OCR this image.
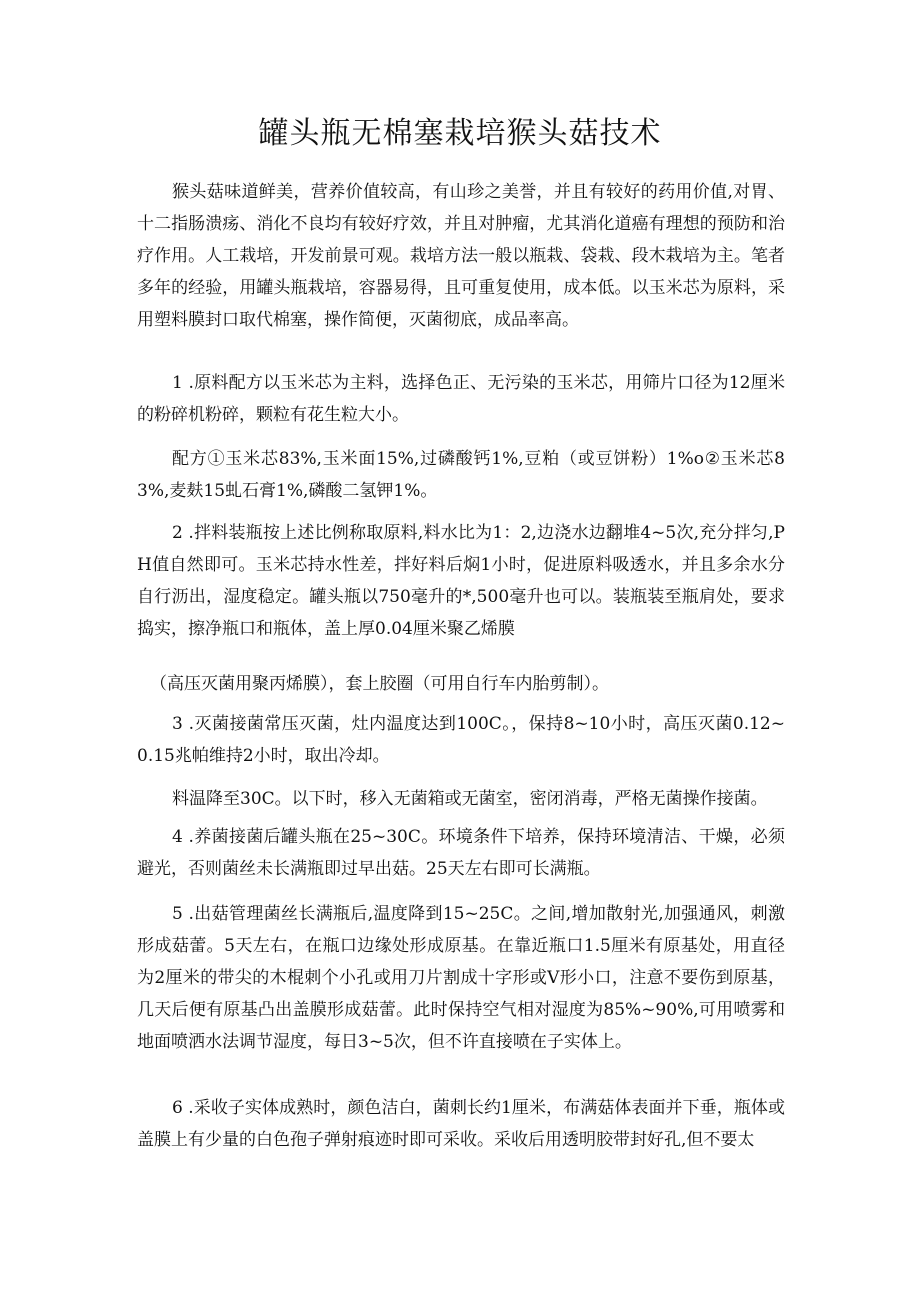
罐头瓶无棉塞栽培猴头菇技术

猴头菇味道鲜美，营养价值较高，有山珍之美誉，并且有较好的药用价值,对胃、十二指肠溃疡、消化不良均有较好疗效，并且对肿瘤，尤其消化道癌有理想的预防和治疗作用。人工栽培，开发前景可观。栽培方法一般以瓶栽、袋栽、段木栽培为主。笔者多年的经验，用罐头瓶栽培，容器易得，且可重复使用，成本低。以玉米芯为原料，采用塑料膜封口取代棉塞，操作简便，灭菌彻底，成品率高。

1 .原料配方以玉米芯为主料，选择色正、无污染的玉米芯，用筛片口径为12厘米的粉碎机粉碎，颗粒有花生粒大小。

配方①玉米芯83%,玉米面15%,过磷酸钙1%,豆粕（或豆饼粉）1%o②玉米芯83%,麦麸15虬石膏1%,磷酸二氢钾1%。

2 .拌料装瓶按上述比例称取原料,料水比为1：2,边浇水边翻堆4~5次,充分拌匀,PH值自然即可。玉米芯持水性差，拌好料后焖1小时，促进原料吸透水，并且多余水分自行沥出，湿度稳定。罐头瓶以750毫升的*,500毫升也可以。装瓶装至瓶肩处，要求捣实，擦净瓶口和瓶体，盖上厚0.04厘米聚乙烯膜

（高压灭菌用聚丙烯膜），套上胶圈（可用自行车内胎剪制）。

3 .灭菌接菌常压灭菌，灶内温度达到100C。，保持8~10小时，高压灭菌0.12~0.15兆帕维持2小时，取出冷却。

料温降至30C。以下时，移入无菌箱或无菌室，密闭消毒，严格无菌操作接菌。

4 .养菌接菌后罐头瓶在25~30C。环境条件下培养，保持环境清洁、干燥，必须避光，否则菌丝未长满瓶即过早出菇。25天左右即可长满瓶。

5 .出菇管理菌丝长满瓶后,温度降到15~25C。之间,增加散射光,加强通风，刺激形成菇蕾。5天左右，在瓶口边缘处形成原基。在靠近瓶口1.5厘米有原基处，用直径为2厘米的带尖的木棍刺个小孔或用刀片割成十字形或V形小口，注意不要伤到原基，几天后便有原基凸出盖膜形成菇蕾。此时保持空气相对湿度为85%~90%,可用喷雾和地面喷洒水法调节湿度，每日3~5次，但不许直接喷在子实体上。

6 .采收子实体成熟时，颜色洁白，菌刺长约1厘米，布满菇体表面并下垂，瓶体或盖膜上有少量的白色孢子弹射痕迹时即可采收。采收后用透明胶带封好孔,但不要太
